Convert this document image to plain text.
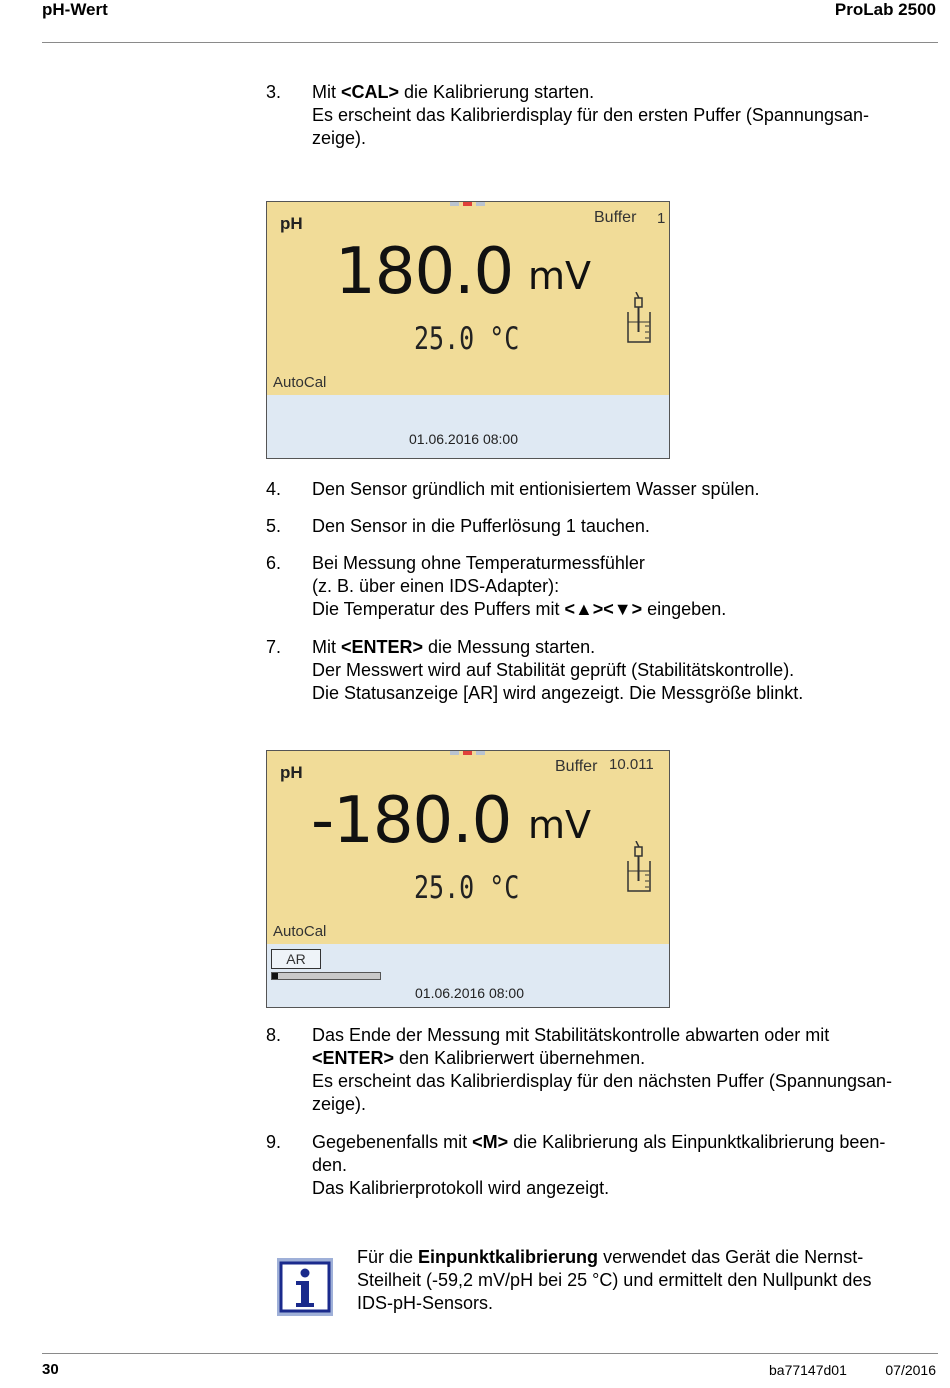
pH-Wert	ProLab 2500
3. Mit <CAL> die Kalibrierung starten.
Es erscheint das Kalibrierdisplay für den ersten Puffer (Spannungsan-
zeige).
pH	Buffer 1
180.0 mV
25.0 °C
AutoCal
01.06.2016 08:00
4. Den Sensor gründlich mit entionisiertem Wasser spülen.
5. Den Sensor in die Pufferlösung 1 tauchen.
6. Bei Messung ohne Temperaturmessfühler
(z. B. über einen IDS-Adapter):
Die Temperatur des Puffers mit <▲><▼> eingeben.
7. Mit <ENTER> die Messung starten.
Der Messwert wird auf Stabilität geprüft (Stabilitätskontrolle).
Die Statusanzeige [AR] wird angezeigt. Die Messgröße blinkt.
pH	Buffer 10.011
-180.0 mV
25.0 °C
AutoCal
AR
01.06.2016 08:00
8. Das Ende der Messung mit Stabilitätskontrolle abwarten oder mit
<ENTER> den Kalibrierwert übernehmen.
Es erscheint das Kalibrierdisplay für den nächsten Puffer (Spannungsan-
zeige).
9. Gegebenenfalls mit <M> die Kalibrierung als Einpunktkalibrierung been-
den.
Das Kalibrierprotokoll wird angezeigt.
Für die Einpunktkalibrierung verwendet das Gerät die Nernst-
Steilheit (-59,2 mV/pH bei 25 °C) und ermittelt den Nullpunkt des
IDS-pH-Sensors.
30	ba77147d01	07/2016
